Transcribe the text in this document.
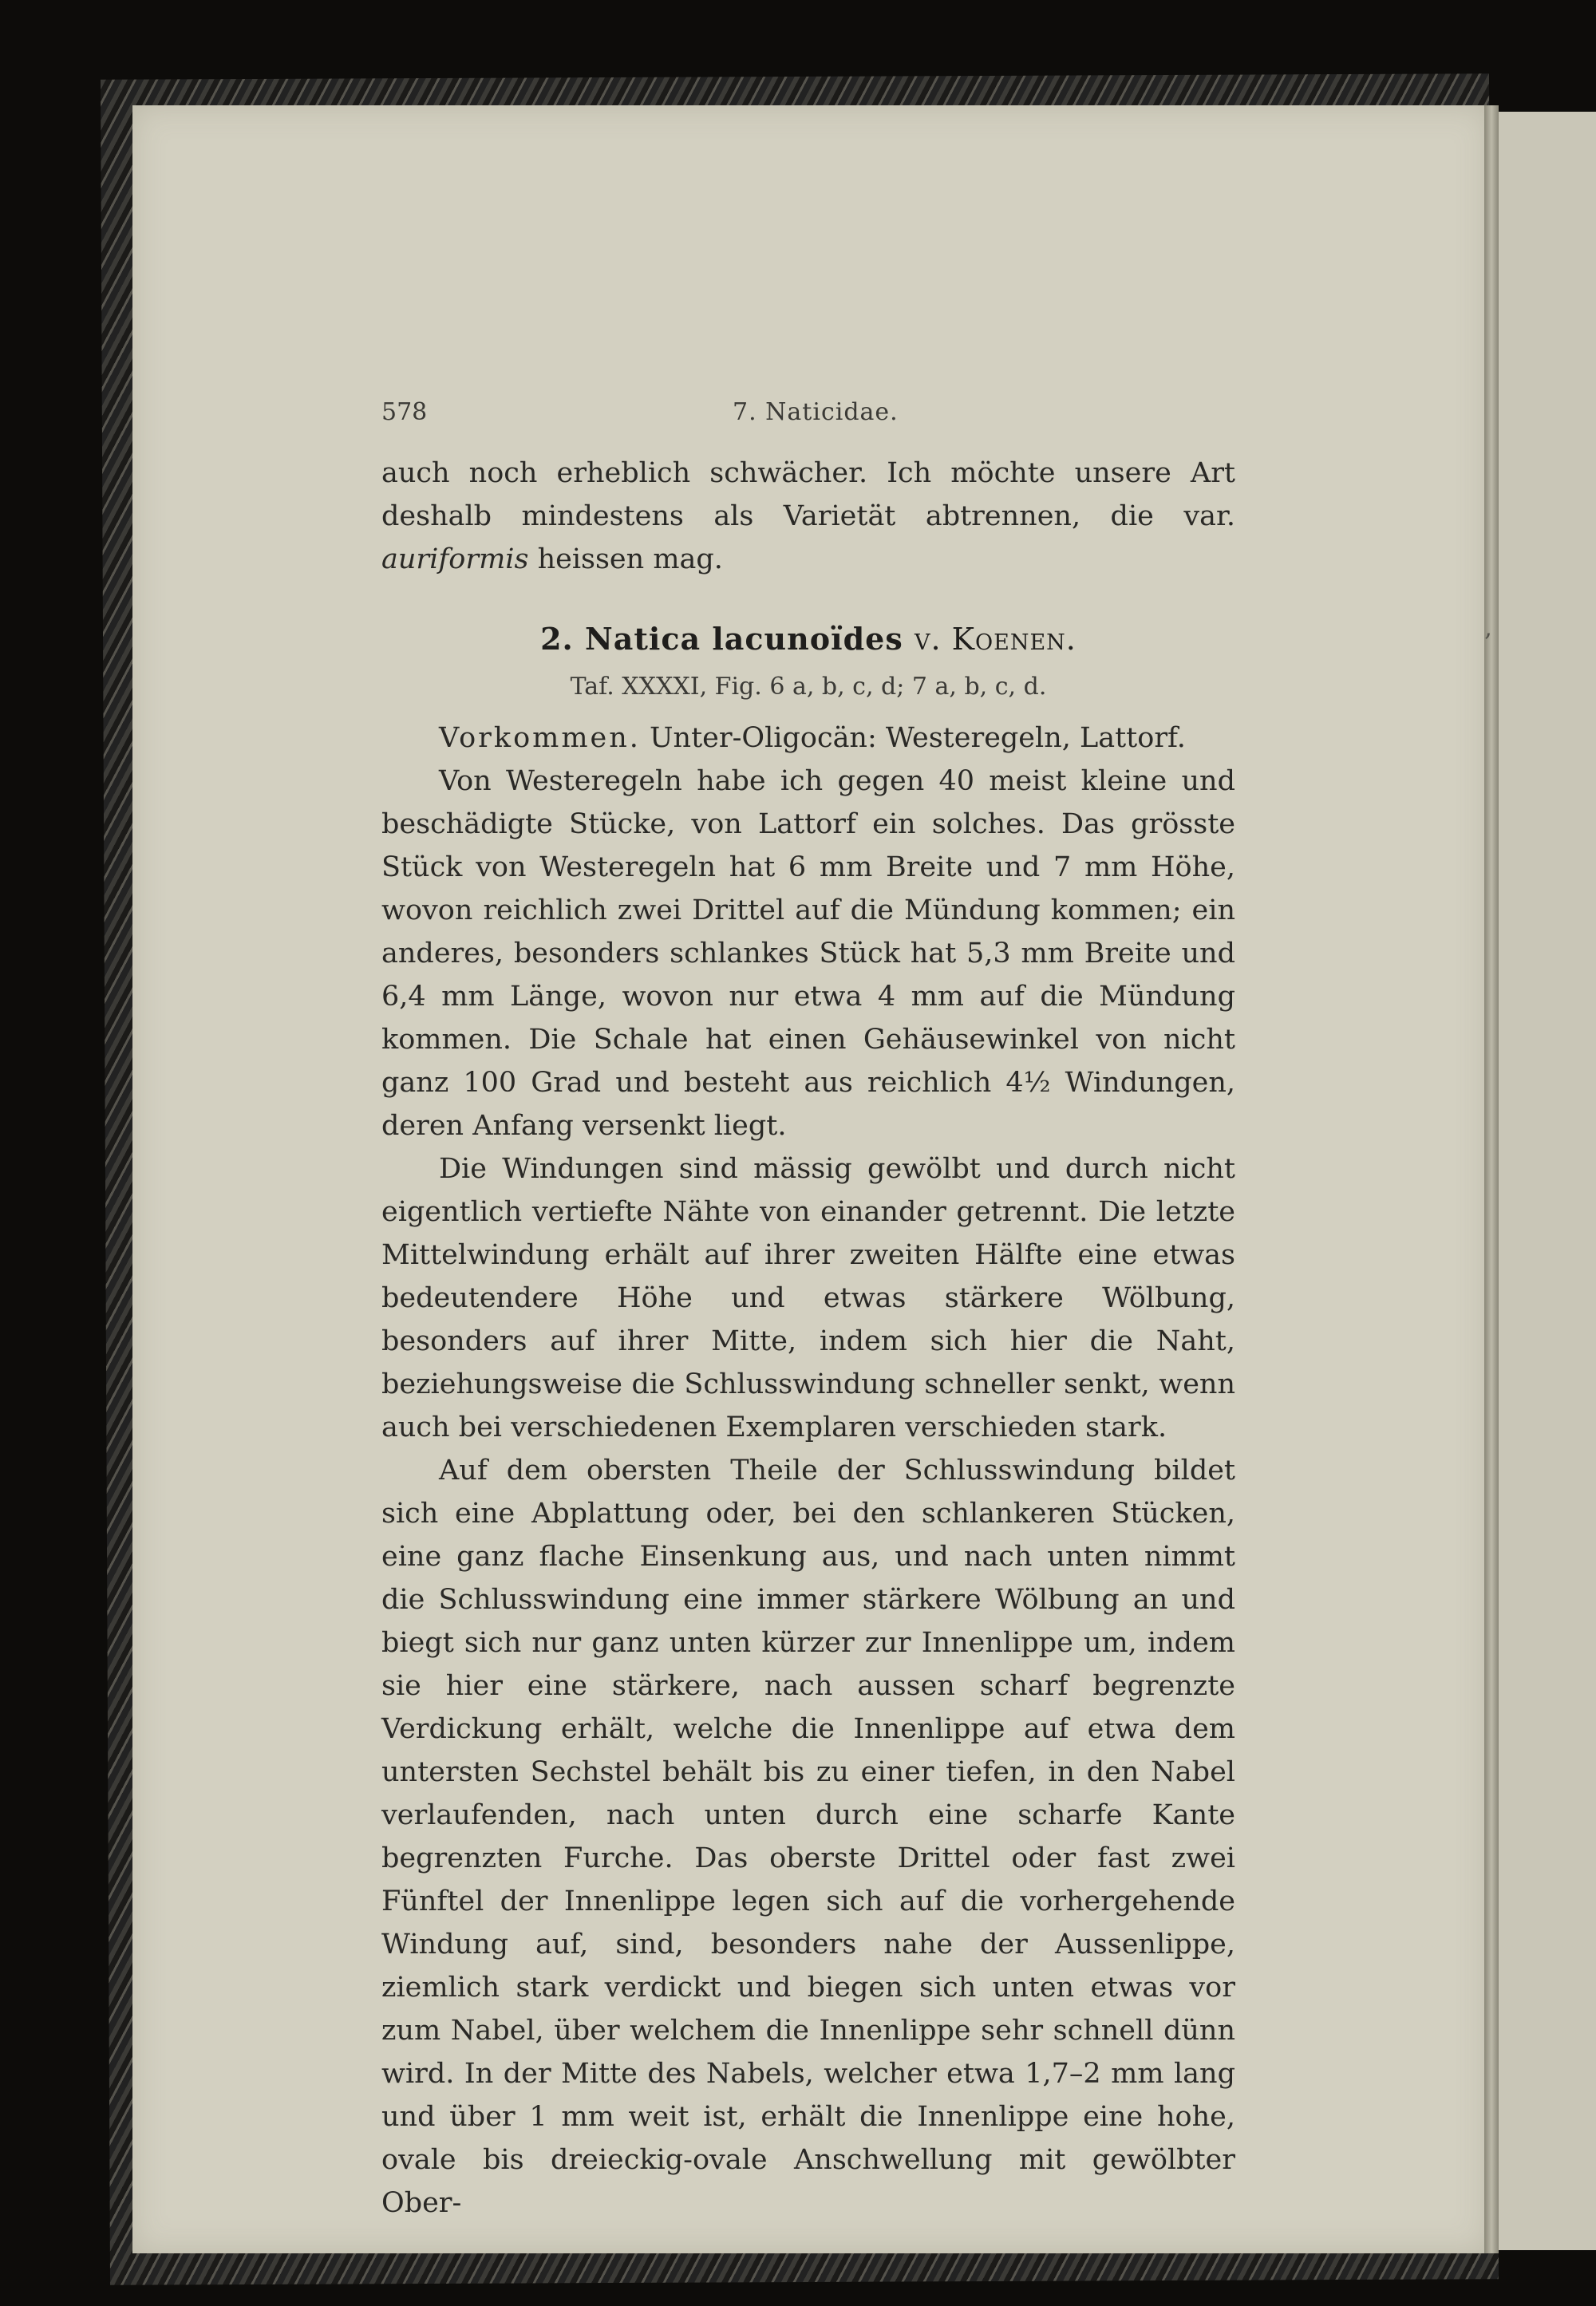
‚
578	7. Naticidae.

auch noch erheblich schwächer. Ich möchte unsere Art deshalb mindestens als Varietät abtrennen, die var. auriformis heissen mag.

2. Natica lacunoïdes v. Koenen.
Taf. XXXXI, Fig. 6 a, b, c, d; 7 a, b, c, d.

Vorkommen. Unter-Oligocän: Westeregeln, Lattorf.

Von Westeregeln habe ich gegen 40 meist kleine und beschädigte Stücke, von Lattorf ein solches. Das grösste Stück von Westeregeln hat 6 mm Breite und 7 mm Höhe, wovon reichlich zwei Drittel auf die Mündung kommen; ein anderes, besonders schlankes Stück hat 5,3 mm Breite und 6,4 mm Länge, wovon nur etwa 4 mm auf die Mündung kommen. Die Schale hat einen Gehäusewinkel von nicht ganz 100 Grad und besteht aus reichlich 4½ Windungen, deren Anfang versenkt liegt.

Die Windungen sind mässig gewölbt und durch nicht eigentlich vertiefte Nähte von einander getrennt. Die letzte Mittelwindung erhält auf ihrer zweiten Hälfte eine etwas bedeutendere Höhe und etwas stärkere Wölbung, besonders auf ihrer Mitte, indem sich hier die Naht, beziehungsweise die Schlusswindung schneller senkt, wenn auch bei verschiedenen Exemplaren verschieden stark.

Auf dem obersten Theile der Schlusswindung bildet sich eine Abplattung oder, bei den schlankeren Stücken, eine ganz flache Einsenkung aus, und nach unten nimmt die Schlusswindung eine immer stärkere Wölbung an und biegt sich nur ganz unten kürzer zur Innenlippe um, indem sie hier eine stärkere, nach aussen scharf begrenzte Verdickung erhält, welche die Innenlippe auf etwa dem untersten Sechstel behält bis zu einer tiefen, in den Nabel verlaufenden, nach unten durch eine scharfe Kante begrenzten Furche. Das oberste Drittel oder fast zwei Fünftel der Innenlippe legen sich auf die vorhergehende Windung auf, sind, besonders nahe der Aussenlippe, ziemlich stark verdickt und biegen sich unten etwas vor zum Nabel, über welchem die Innenlippe sehr schnell dünn wird. In der Mitte des Nabels, welcher etwa 1,7–2 mm lang und über 1 mm weit ist, erhält die Innenlippe eine hohe, ovale bis dreieckig-ovale Anschwellung mit gewölbter Ober-
